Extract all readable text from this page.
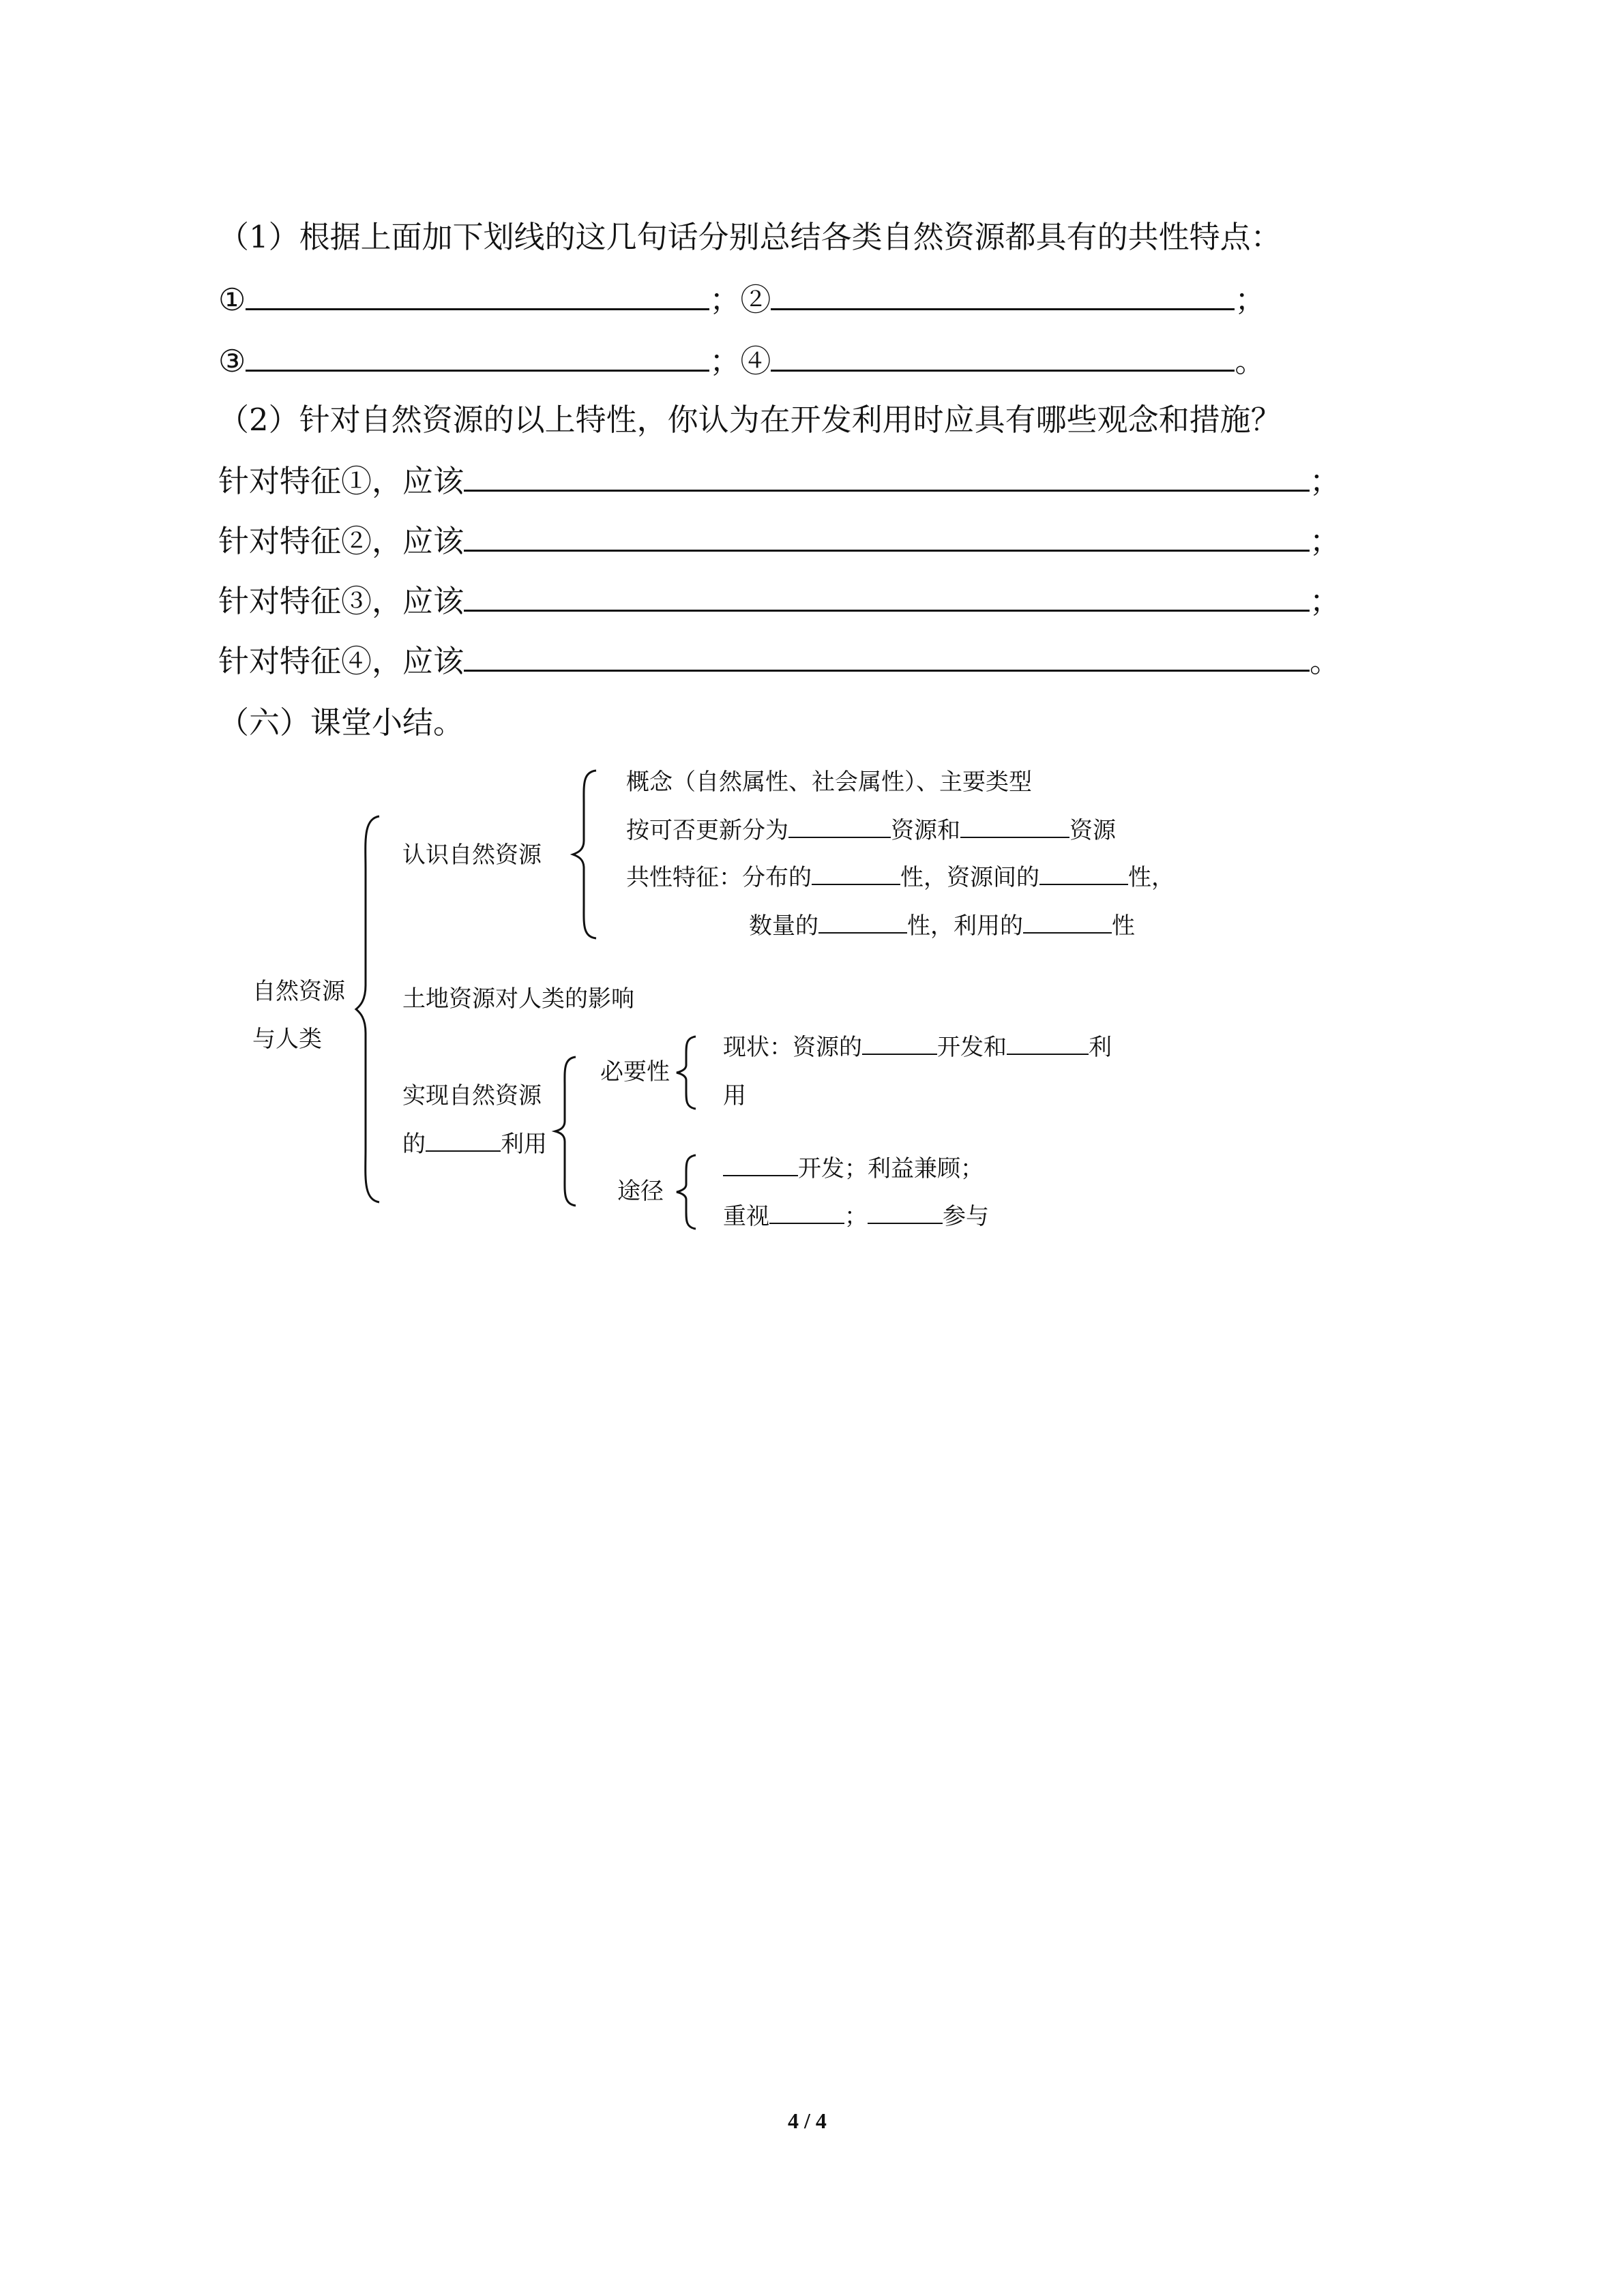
（1）根据上面加下划线的这几句话分别总结各类自然资源都具有的共性特点：
①	；②	；
③	；④	。
（2）针对自然资源的以上特性，你认为在开发利用时应具有哪些观念和措施？
针对特征①，应该	；
针对特征②，应该	；
针对特征③，应该	；
针对特征④，应该	。
（六）课堂小结。
自然资源
与人类
认识自然资源
概念（自然属性、社会属性）、主要类型
按可否更新分为	资源和	资源
共性特征：分布的	性，资源间的	性，
数量的	性，利用的	性
土地资源对人类的影响
实现自然资源
的	利用
必要性
现状：资源的	开发和	利
用
途径
开发；利益兼顾；
重视	；	参与
4 / 4
